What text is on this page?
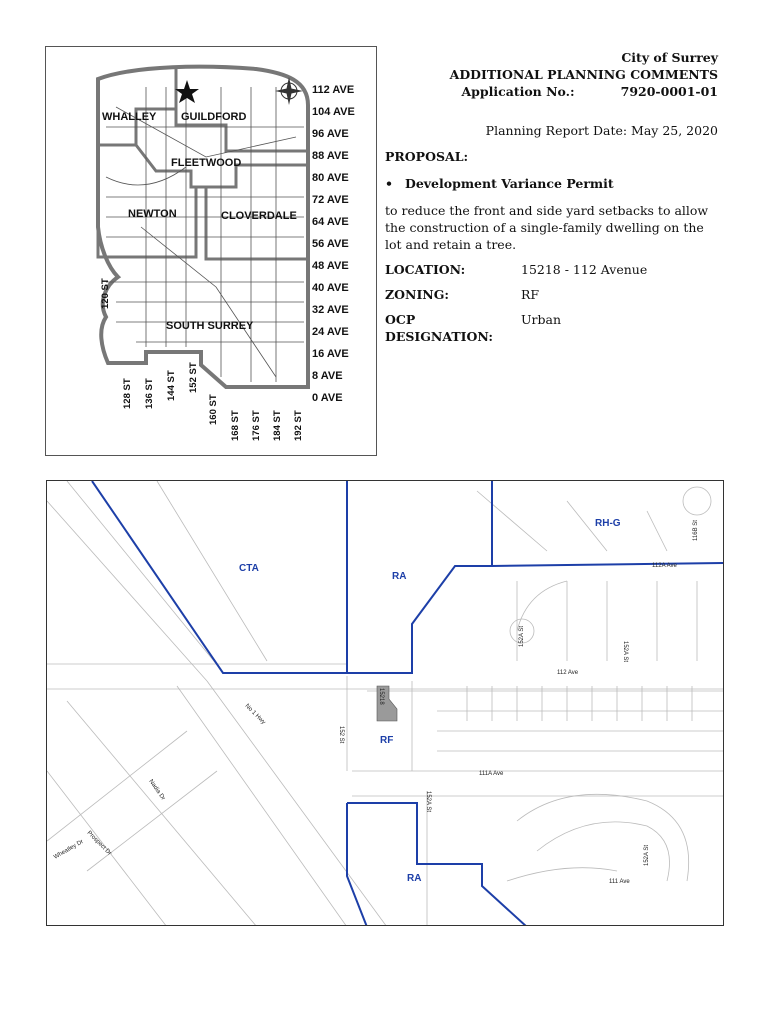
WHALLEY GUILDFORD
FLEETWOOD
NEWTON	CLOVERDALE
SOUTH SURREY
112 AVE
104 AVE
96 AVE
88 AVE
80 AVE
72 AVE
64 AVE
56 AVE
48 AVE
40 AVE
32 AVE
24 AVE
16 AVE
8 AVE
0 AVE
120 ST
128 ST 136 ST 144 ST 152 ST
160 ST
168 ST 176 ST 184 ST 192 ST
City of Surrey
ADDITIONAL PLANNING COMMENTS
Application No.:	7920-0001-01
Planning Report Date: May 25, 2020
PROPOSAL:
• Development Variance Permit
to reduce the front and side yard setbacks to allow the construction of a single-family dwelling on the lot and retain a tree.
LOCATION:	15218 - 112 Avenue
ZONING:	RF
OCP DESIGNATION:
Urban
CTA
RA
RH-G
RF
RA
112A Ave
112 Ave
111A Ave
111 Ave
152 St
152A St
152A St
152A St
152A St
116B St
No 1 Hwy
Nadia Dr
Wheatley Dr Prospect Dr
15218
